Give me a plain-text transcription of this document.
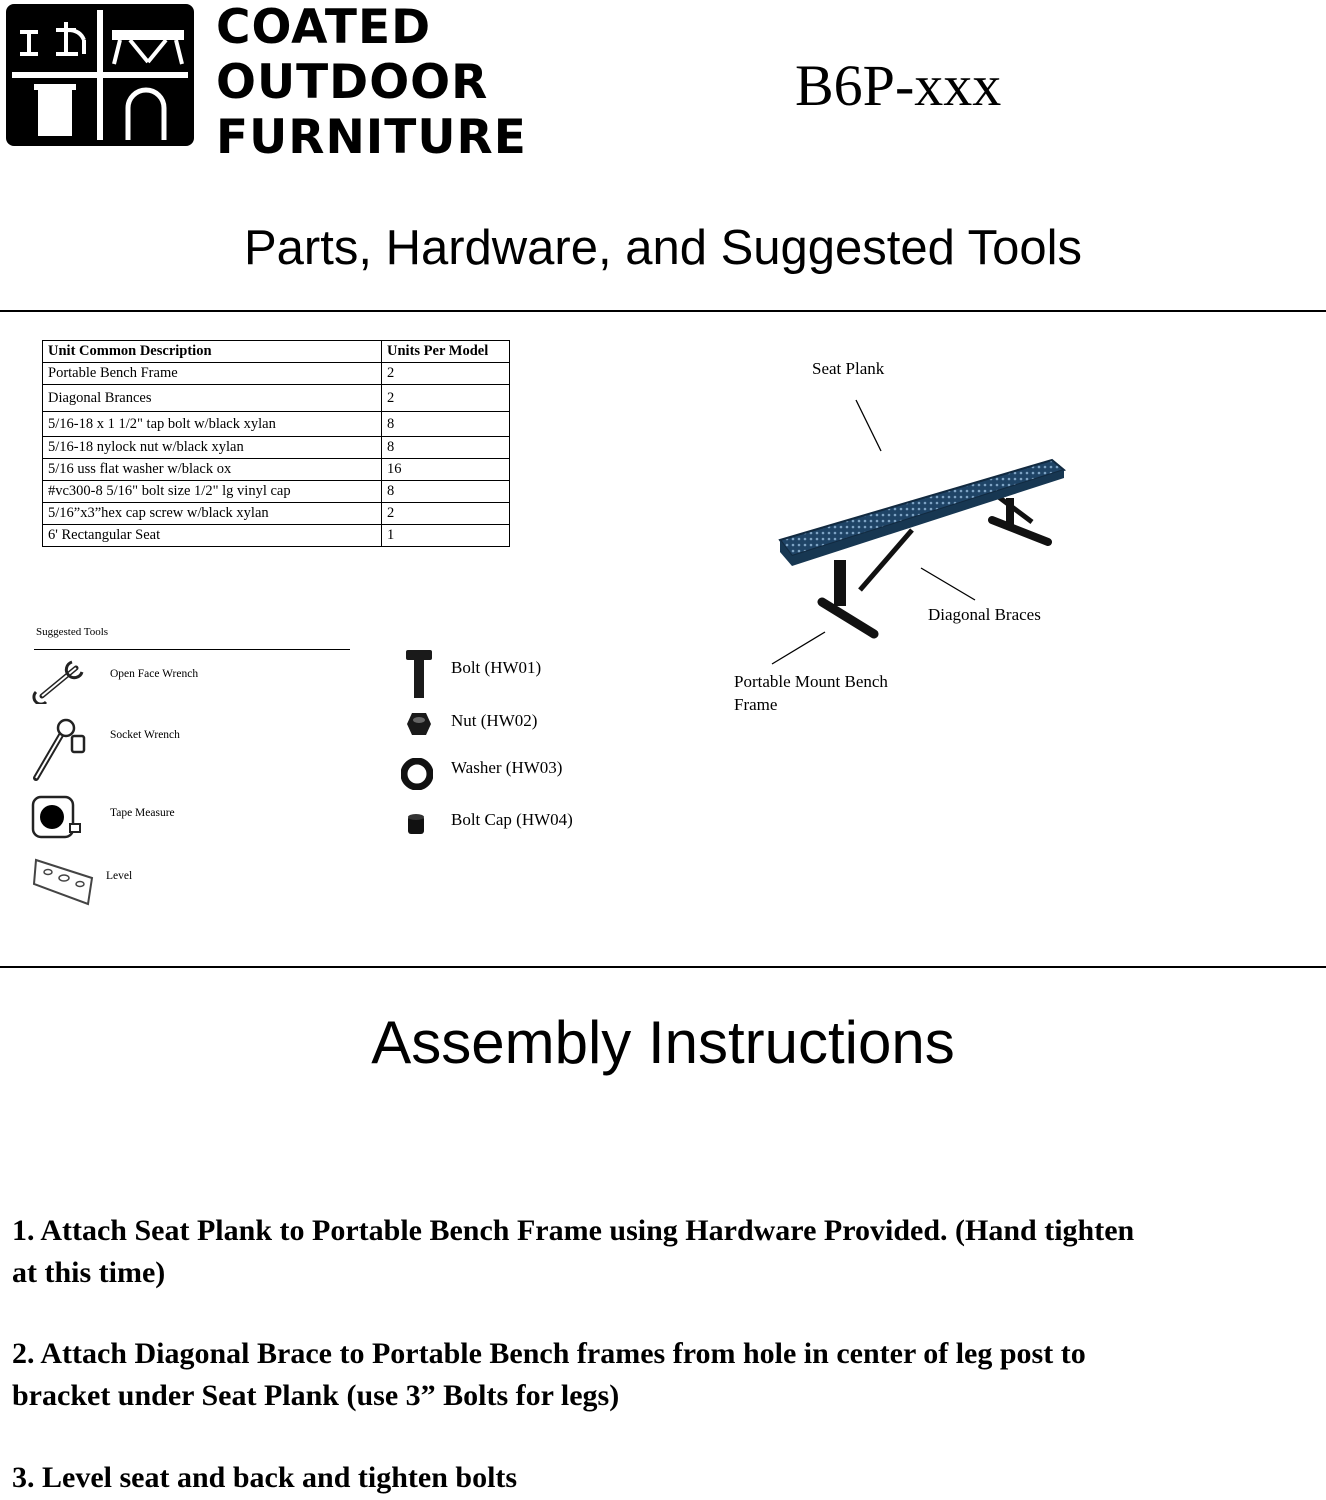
COATED
OUTDOOR
FURNITURE
B6P-xxx
Parts, Hardware, and Suggested Tools
Unit Common Description	Units Per Model
Portable Bench Frame	2
Diagonal Brances	2
5/16-18 x 1 1/2" tap bolt w/black xylan	8
5/16-18 nylock nut w/black xylan	8
5/16 uss flat washer w/black ox	16
#vc300-8 5/16" bolt size 1/2" lg vinyl cap	8
5/16”x3”hex cap screw w/black xylan	2
6' Rectangular Seat	1
Suggested Tools
Open Face Wrench
Socket Wrench
Tape Measure
Level
Bolt (HW01)
Nut (HW02)
Washer (HW03)
Bolt Cap (HW04)
Seat Plank
Diagonal Braces
Portable Mount Bench
Frame
Assembly Instructions
1. Attach Seat Plank to Portable Bench Frame using Hardware Provided. (Hand tighten
at this time)
2. Attach Diagonal Brace to Portable Bench frames from hole in center of leg post to
bracket under Seat Plank (use 3” Bolts for legs)
3. Level seat and back and tighten bolts
